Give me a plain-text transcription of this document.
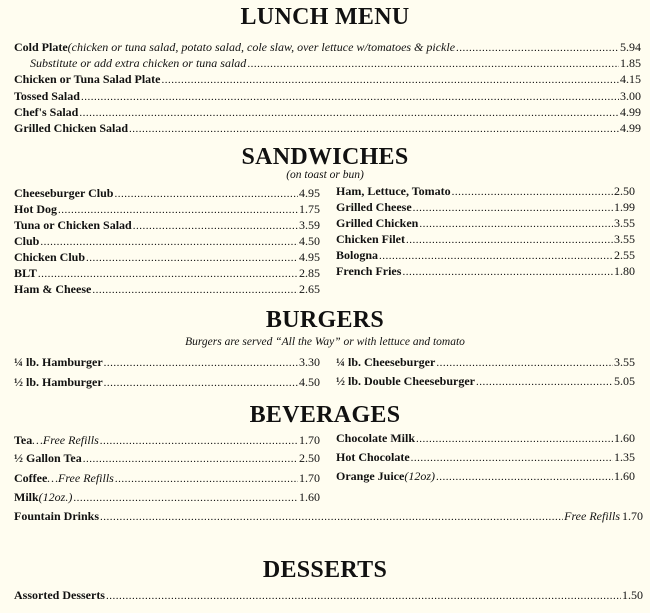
LUNCH MENU
Cold Plate (chicken or tuna salad, potato salad, cole slaw, over lettuce w/tomatoes & pickle .....	5.94
Substitute or add extra chicken or tuna salad .....	1.85
Chicken or Tuna Salad Plate .....	4.15
Tossed Salad .....	3.00
Chef's Salad .....	4.99
Grilled Chicken Salad .....	4.99
SANDWICHES
(on toast or bun)
Cheeseburger Club .....	4.95
Hot Dog .....	1.75
Tuna or Chicken Salad .....	3.59
Club .....	4.50
Chicken Club .....	4.95
BLT .....	2.85
Ham & Cheese .....	2.65
Ham, Lettuce, Tomato .....	2.50
Grilled Cheese .....	1.99
Grilled Chicken .....	3.55
Chicken Filet .....	3.55
Bologna .....	2.55
French Fries .....	1.80
BURGERS
Burgers are served “All the Way” or with lettuce and tomato
¼ lb. Hamburger .....	3.30
½ lb. Hamburger .....	4.50
¼ lb. Cheeseburger .....	3.55
½ lb. Double Cheeseburger .....	5.05
BEVERAGES
Tea …Free Refills .....	1.70
½ Gallon Tea .....	2.50
Coffee …Free Refills .....	1.70
Milk (12oz.) .....	1.60
Chocolate Milk .....	1.60
Hot Chocolate .....	1.35
Orange Juice (12oz) .....	1.60
Fountain Drinks .....	Free Refills 1.70
DESSERTS
Assorted Desserts .....	1.50
